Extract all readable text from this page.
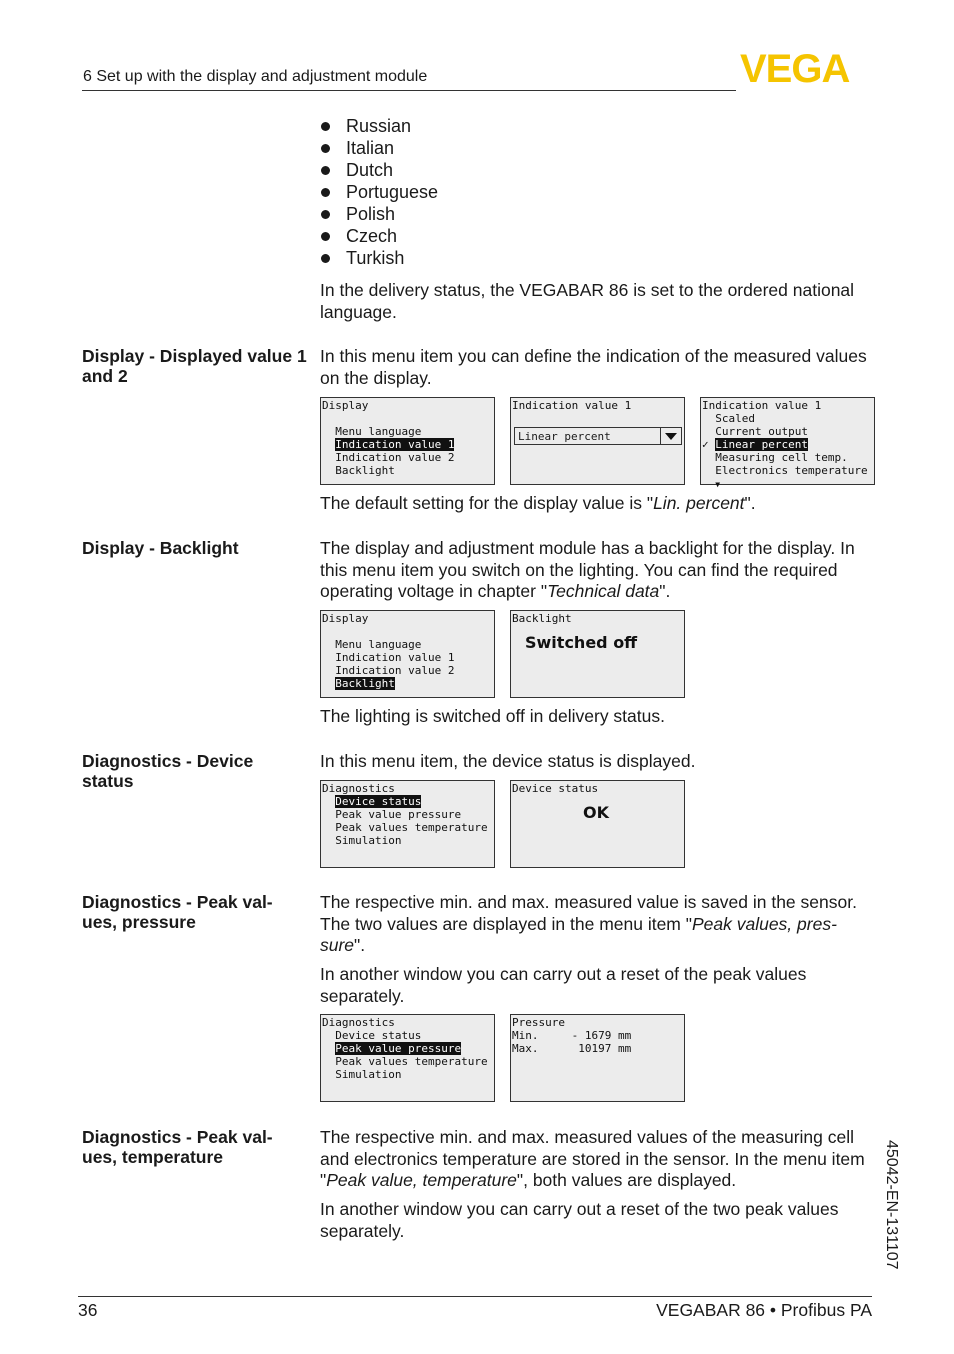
6 Set up with the display and adjustment module	VEGA
Russian
Italian
Dutch
Portuguese
Polish
Czech
Turkish
In the delivery status, the VEGABAR 86 is set to the ordered national language.
Display - Displayed value 1 and 2
In this menu item you can define the indication of the measured values on the display.
Display

Menu language
Indication value 1
Indication value 2
Backlight
Indication value 1
Linear percent
Indication value 1
Scaled
Current output
✓ Linear percent
Measuring cell temp.
Electronics temperature
▼
The default setting for the display value is "Lin. percent".
Display - Backlight	The display and adjustment module has a backlight for the display. In this menu item you switch on the lighting. You can find the required operating voltage in chapter "Technical data".
Display

Menu language
Indication value 1
Indication value 2
Backlight
Backlight
Switched off
The lighting is switched off in delivery status.
Diagnostics - Device status
In this menu item, the device status is displayed.
Diagnostics
Device status
Peak value pressure
Peak values temperature
Simulation
Device status
OK
Diagnostics - Peak val- ues, pressure
The respective min. and max. measured value is saved in the sensor. The two values are displayed in the menu item "Peak values, pres- sure".
In another window you can carry out a reset of the peak values separately.
Diagnostics
Device status
Peak value pressure
Peak values temperature
Simulation
Pressure
Min.     - 1679 mm
Max.      10197 mm
Diagnostics - Peak val- ues, temperature
The respective min. and max. measured values of the measuring cell and electronics temperature are stored in the sensor. In the menu item "Peak value, temperature", both values are displayed.
In another window you can carry out a reset of the two peak values separately.	45042-EN-131107
36	VEGABAR 86 • Profibus PA
